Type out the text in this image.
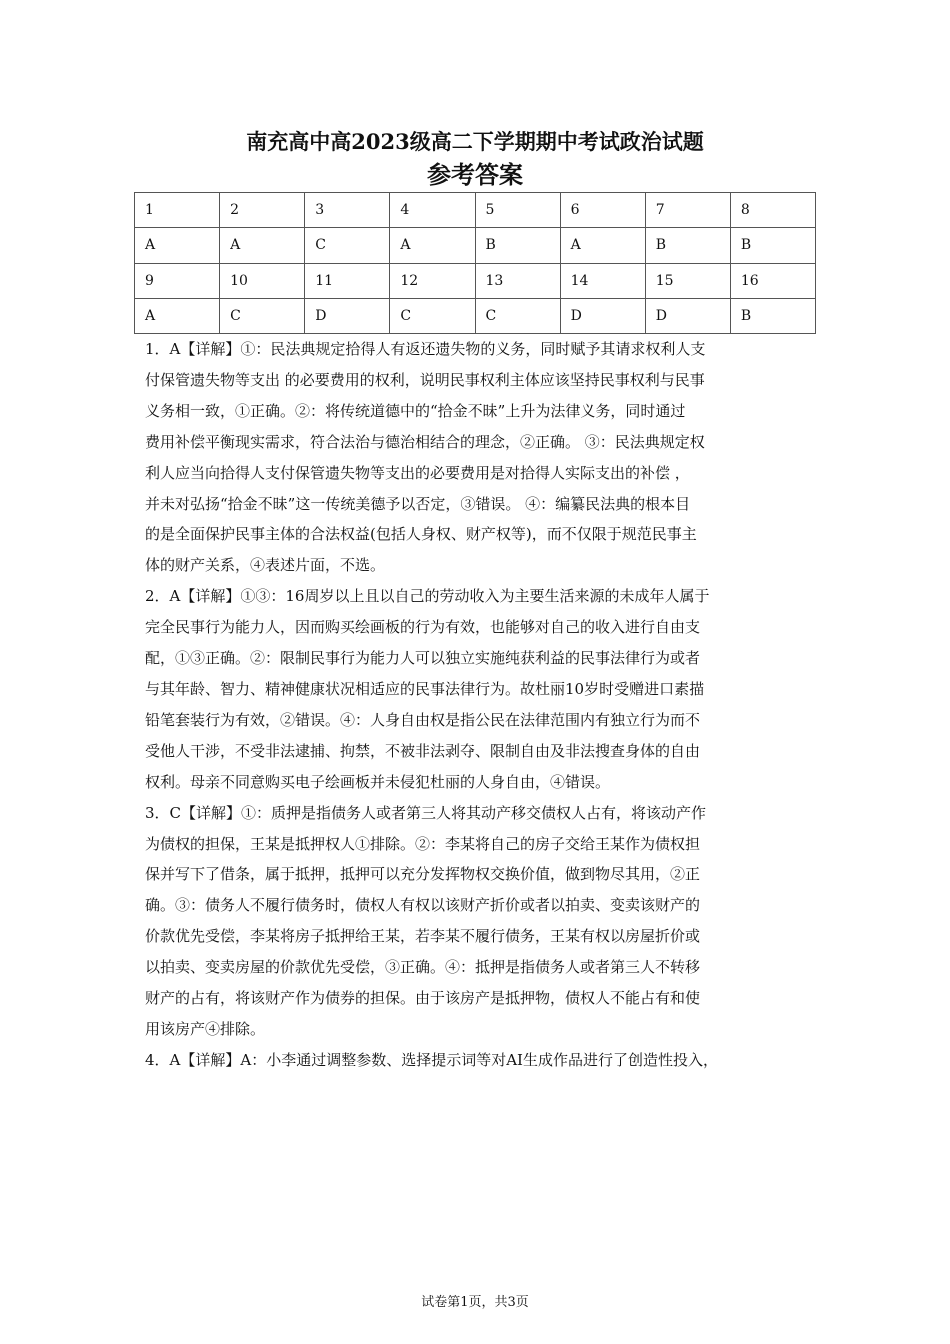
南充高中高2023级高二下学期期中考试政治试题
参考答案
1	2	3	4	5	6	7	8
A	A	C	A	B	A	B	B
9	10	11	12	13	14	15	16
A	C	D	C	C	D	D	B

1．A【详解】①：民法典规定拾得人有返还遗失物的义务，同时赋予其请求权利人支
付保管遗失物等支出 的必要费用的权利，说明民事权利主体应该坚持民事权利与民事
义务相一致，①正确。②：将传统道德中的“拾金不昧”上升为法律义务，同时通过
费用补偿平衡现实需求，符合法治与德治相结合的理念，②正确。 ③：民法典规定权
利人应当向拾得人支付保管遗失物等支出的必要费用是对拾得人实际支出的补偿 ，
并未对弘扬“拾金不昧”这一传统美德予以否定，③错误。 ④：编纂民法典的根本目
的是全面保护民事主体的合法权益(包括人身权、财产权等)，而不仅限于规范民事主
体的财产关系，④表述片面，不选。

2．A【详解】①③：16周岁以上且以自己的劳动收入为主要生活来源的未成年人属于
完全民事行为能力人，因而购买绘画板的行为有效，也能够对自己的收入进行自由支
配，①③正确。②：限制民事行为能力人可以独立实施纯获利益的民事法律行为或者
与其年龄、智力、精神健康状况相适应的民事法律行为。故杜丽10岁时受赠进口素描
铅笔套装行为有效，②错误。④：人身自由权是指公民在法律范围内有独立行为而不
受他人干涉，不受非法逮捕、拘禁，不被非法剥夺、限制自由及非法搜查身体的自由
权利。母亲不同意购买电子绘画板并未侵犯杜丽的人身自由，④错误。

3．C【详解】①：质押是指债务人或者第三人将其动产移交债权人占有，将该动产作
为债权的担保，王某是抵押权人①排除。②：李某将自己的房子交给王某作为债权担
保并写下了借条，属于抵押，抵押可以充分发挥物权交换价值，做到物尽其用，②正
确。③：债务人不履行债务时，债权人有权以该财产折价或者以拍卖、变卖该财产的
价款优先受偿，李某将房子抵押给王某，若李某不履行债务，王某有权以房屋折价或
以拍卖、变卖房屋的价款优先受偿，③正确。④：抵押是指债务人或者第三人不转移
财产的占有，将该财产作为债券的担保。由于该房产是抵押物，债权人不能占有和使
用该房产④排除。

4．A【详解】A：小李通过调整参数、选择提示词等对AI生成作品进行了创造性投入，

试卷第1页，共3页
